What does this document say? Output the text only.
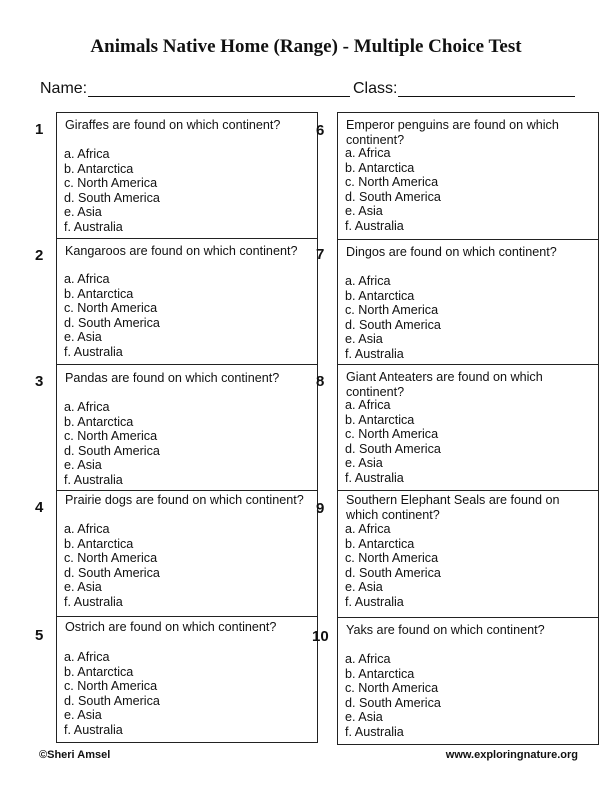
Animals Native Home (Range) - Multiple Choice Test
Name:	Class:
1 Giraffes are found on which continent?
a. Africa
b. Antarctica
c. North America
d. South America
e. Asia
f. Australia
2 Kangaroos are found on which continent?
a. Africa
b. Antarctica
c. North America
d. South America
e. Asia
f. Australia
3 Pandas are found on which continent?
a. Africa
b. Antarctica
c. North America
d. South America
e. Asia
f. Australia
4 Prairie dogs are found on which continent?
a. Africa
b. Antarctica
c. North America
d. South America
e. Asia
f. Australia
5 Ostrich are found on which continent?
a. Africa
b. Antarctica
c. North America
d. South America
e. Asia
f. Australia
6 Emperor penguins are found on which continent?
a. Africa
b. Antarctica
c. North America
d. South America
e. Asia
f. Australia
7 Dingos are found on which continent?
a. Africa
b. Antarctica
c. North America
d. South America
e. Asia
f. Australia
8 Giant Anteaters are found on which continent?
a. Africa
b. Antarctica
c. North America
d. South America
e. Asia
f. Australia
9 Southern Elephant Seals are found on which continent?
a. Africa
b. Antarctica
c. North America
d. South America
e. Asia
f. Australia
10 Yaks are found on which continent?
a. Africa
b. Antarctica
c. North America
d. South America
e. Asia
f. Australia
©Sheri Amsel	www.exploringnature.org
